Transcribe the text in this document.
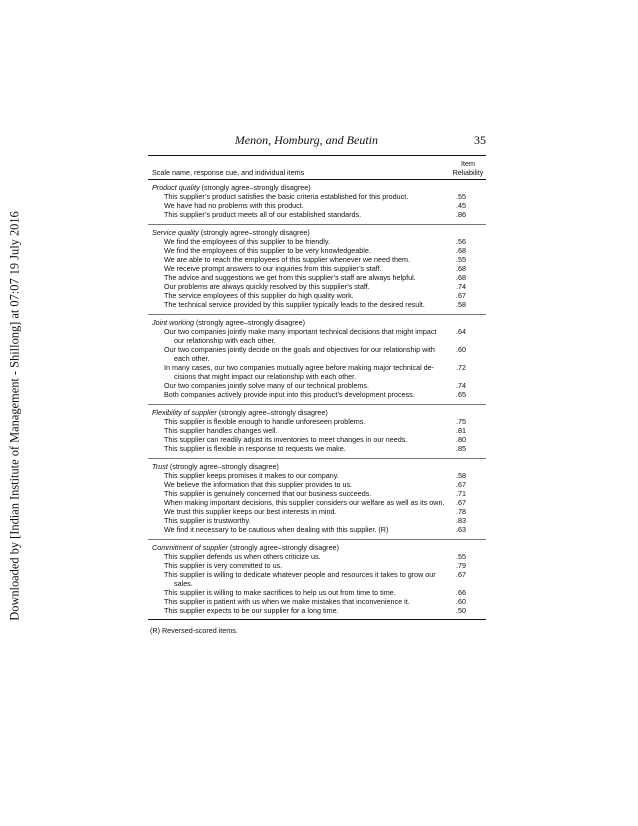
Downloaded by [Indian Institute of Management - Shillong] at 07:07 19 July 2016
Menon, Homburg, and Beutin	35
Scale name, response cue, and individual items
Item
Reliability
Product quality (strongly agree–strongly disagree)
This supplier’s product satisfies the basic criteria established for this product.	.55
We have had no problems with this product.	.45
This supplier’s product meets all of our established standards.	.86
Service quality (strongly agree–strongly disagree)
We find the employees of this supplier to be friendly.	.56
We find the employees of this supplier to be very knowledgeable.	.68
We are able to reach the employees of this supplier whenever we need them.	.55
We receive prompt answers to our inquiries from this supplier’s staff.	.68
The advice and suggestions we get from this supplier’s staff are always helpful.	.68
Our problems are always quickly resolved by this supplier’s staff.	.74
The service employees of this supplier do high quality work.	.67
The technical service provided by this supplier typically leads to the desired result.	.58
Joint working (strongly agree–strongly disagree)
Our two companies jointly make many important technical decisions that might impact
our relationship with each other.
.64
Our two companies jointly decide on the goals and objectives for our relationship with
each other.
.60
In many cases, our two companies mutually agree before making major technical de-
cisions that might impact our relationship with each other.
.72
Our two companies jointly solve many of our technical problems.	.74
Both companies actively provide input into this product’s development process.	.65
Flexibility of supplier (strongly agree–strongly disagree)
This supplier is flexible enough to handle unforeseen problems.	.75
This supplier handles changes well.	.81
This supplier can readily adjust its inventories to meet changes in our needs.	.80
This supplier is flexible in response to requests we make.	.85
Trust (strongly agree–strongly disagree)
This supplier keeps promises it makes to our company.	.58
We believe the information that this supplier provides to us.	.67
This supplier is genuinely concerned that our business succeeds.	.71
When making important decisions, this supplier considers our welfare as well as its own.	.67
We trust this supplier keeps our best interests in mind.	.78
This supplier is trustworthy.	.83
We find it necessary to be cautious when dealing with this supplier. (R)	.63
Commitment of supplier (strongly agree–strongly disagree)
This supplier defends us when others criticize us.	.55
This supplier is very committed to us.	.79
This supplier is willing to dedicate whatever people and resources it takes to grow our
sales.
.67
This supplier is willing to make sacrifices to help us out from time to time.	.66
This supplier is patient with us when we make mistakes that inconvenience it.	.60
This supplier expects to be our supplier for a long time.	.50
(R) Reversed-scored items.
